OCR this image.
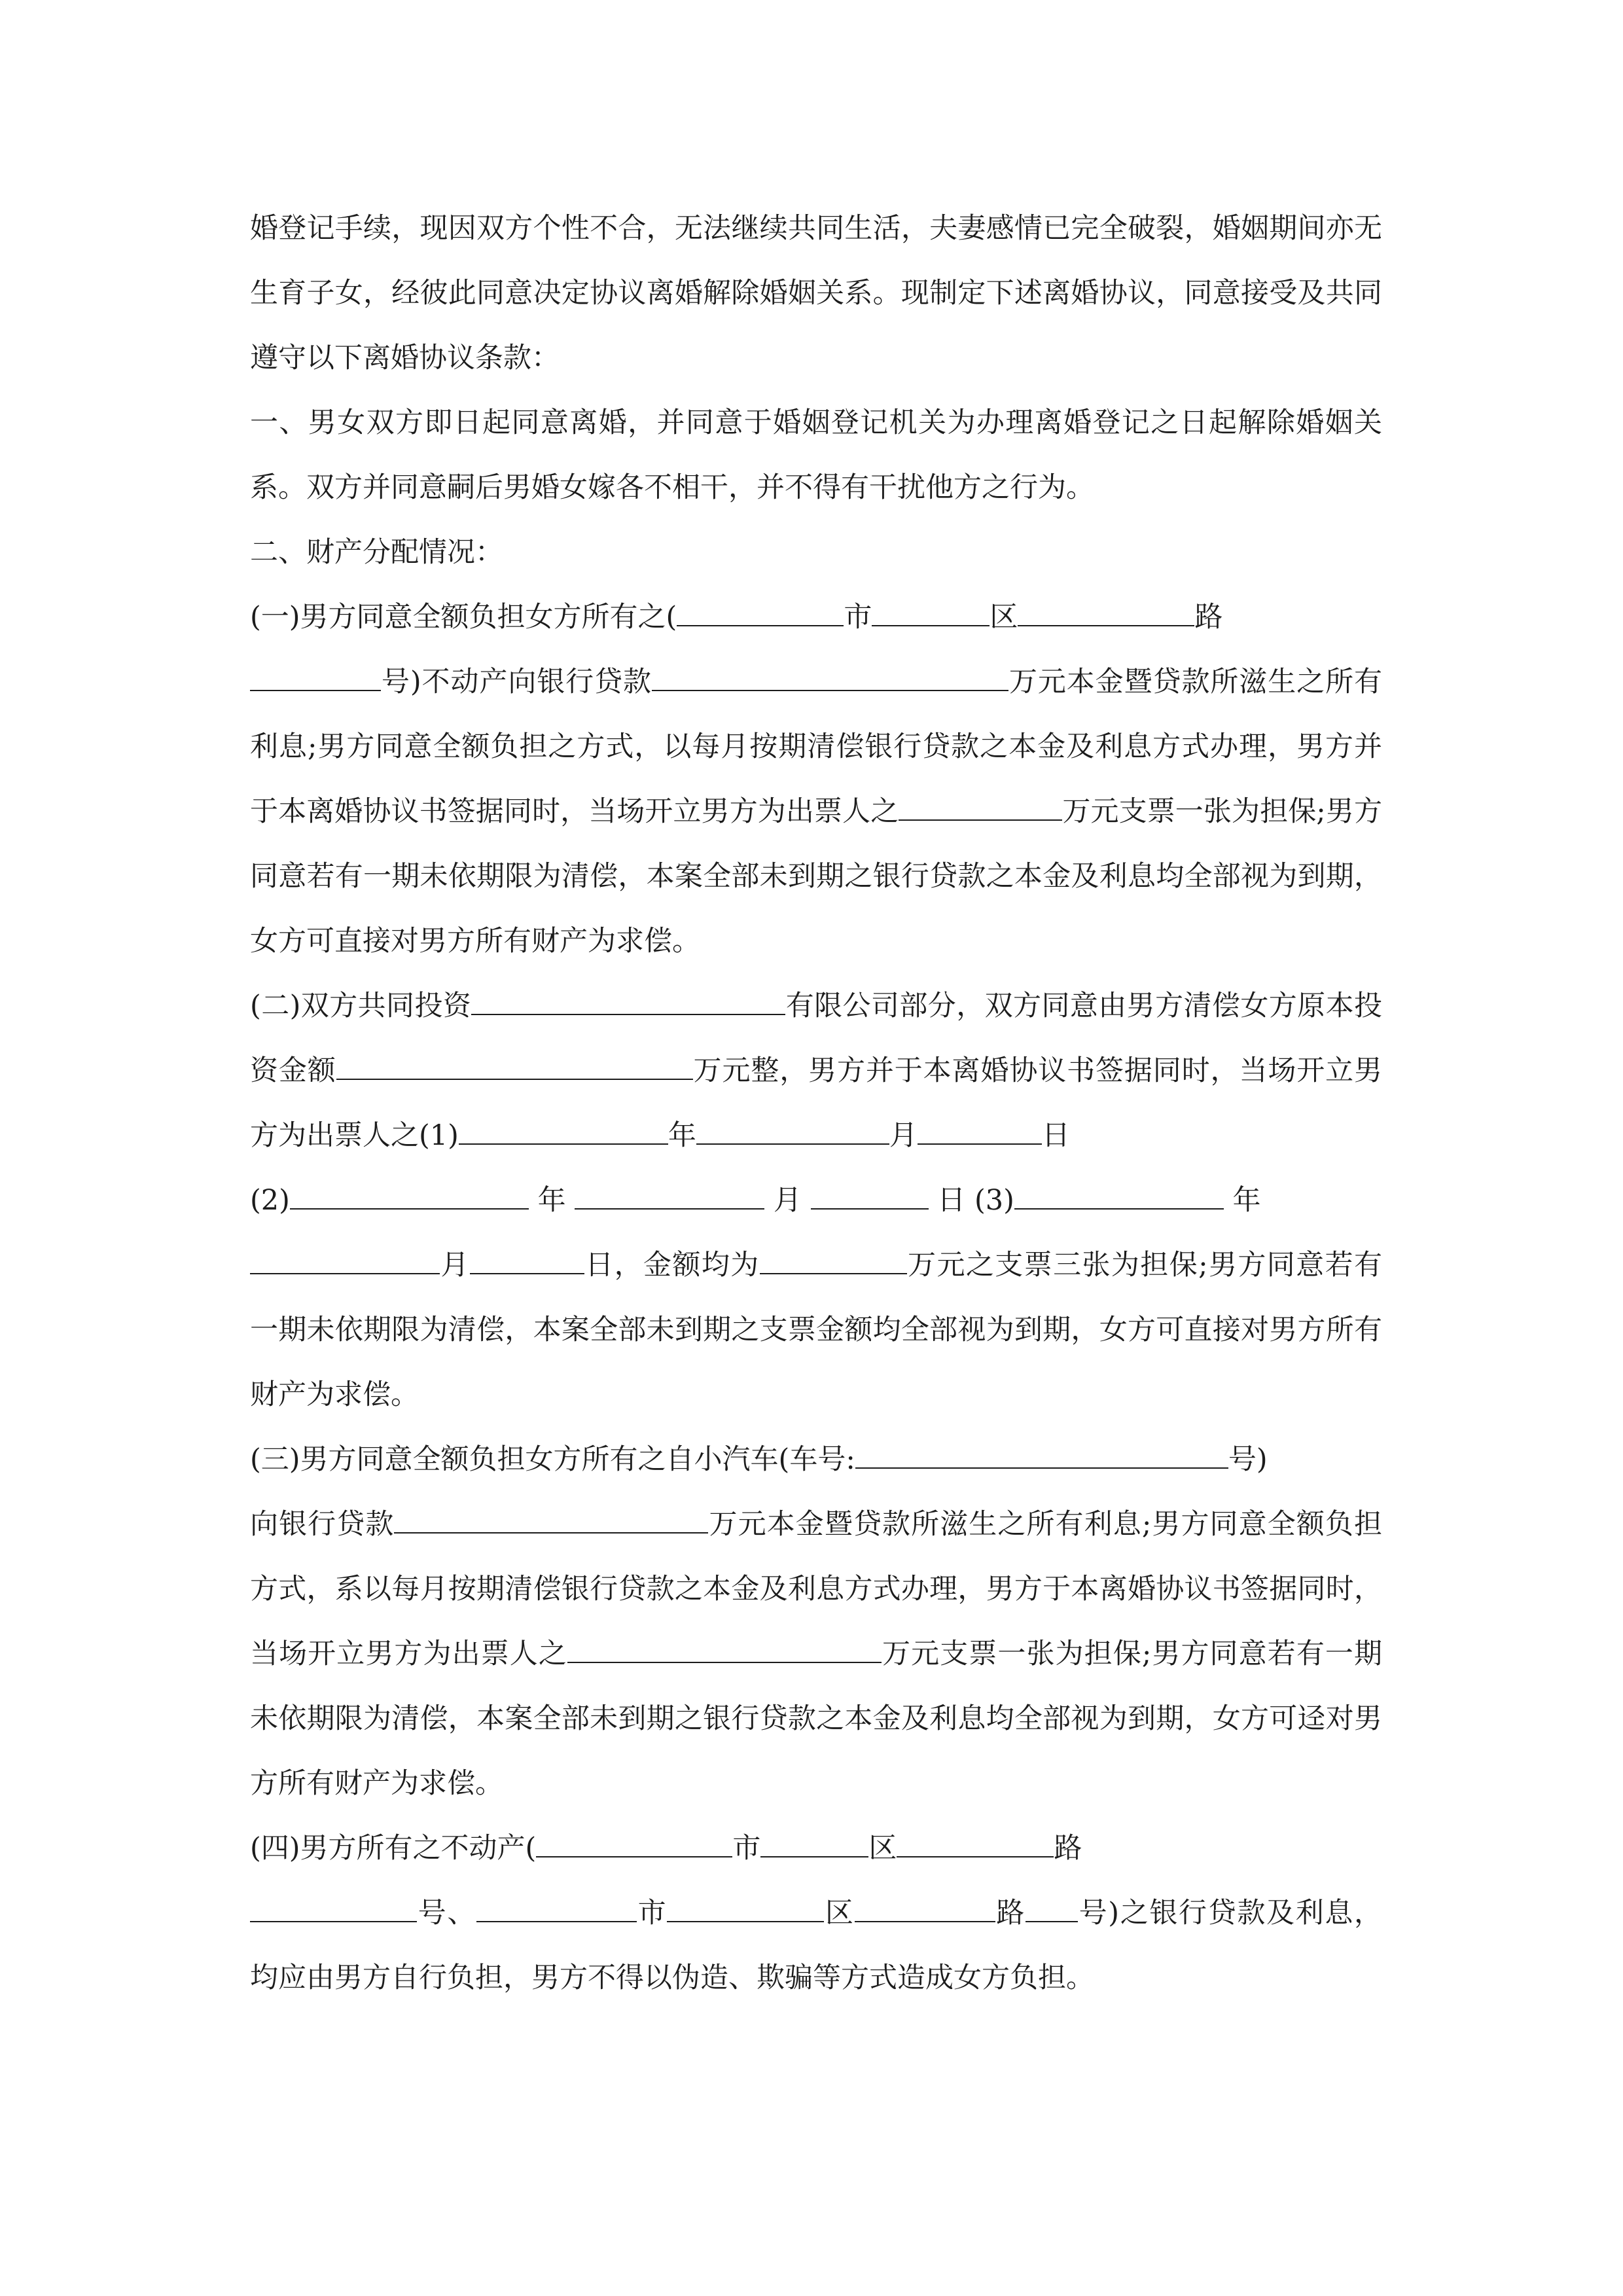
婚登记手续，现因双方个性不合，无法继续共同生活，夫妻感情已完全破裂，婚姻期间亦无生育子女，经彼此同意决定协议离婚解除婚姻关系。现制定下述离婚协议，同意接受及共同遵守以下离婚协议条款：
一、男女双方即日起同意离婚，并同意于婚姻登记机关为办理离婚登记之日起解除婚姻关系。双方并同意嗣后男婚女嫁各不相干，并不得有干扰他方之行为。
二、财产分配情况：
(一)男方同意全额负担女方所有之(	市	区	路
号)不动产向银行贷款	万元本金暨贷款所滋生之所有利息;男方同意全额负担之方式，以每月按期清偿银行贷款之本金及利息方式办理，男方并于本离婚协议书签据同时，当场开立男方为出票人之	万元支票一张为担保;男方同意若有一期未依期限为清偿，本案全部未到期之银行贷款之本金及利息均全部视为到期，女方可直接对男方所有财产为求偿。
(二)双方共同投资	有限公司部分，双方同意由男方清偿女方原本投资金额	万元整，男方并于本离婚协议书签据同时，当场开立男方为出票人之(1)	年	月	日
(2)	年	月	日 (3)	年
月	日，金额均为	万元之支票三张为担保;男方同意若有一期未依期限为清偿，本案全部未到期之支票金额均全部视为到期，女方可直接对男方所有财产为求偿。
(三)男方同意全额负担女方所有之自小汽车(车号:	号)
向银行贷款	万元本金暨贷款所滋生之所有利息;男方同意全额负担方式，系以每月按期清偿银行贷款之本金及利息方式办理，男方于本离婚协议书签据同时，当场开立男方为出票人之	万元支票一张为担保;男方同意若有一期未依期限为清偿，本案全部未到期之银行贷款之本金及利息均全部视为到期，女方可迳对男方所有财产为求偿。
(四)男方所有之不动产(	市	区	路
号、	市	区	路 号)之银行贷款及利息，均应由男方自行负担，男方不得以伪造、欺骗等方式造成女方负担。
